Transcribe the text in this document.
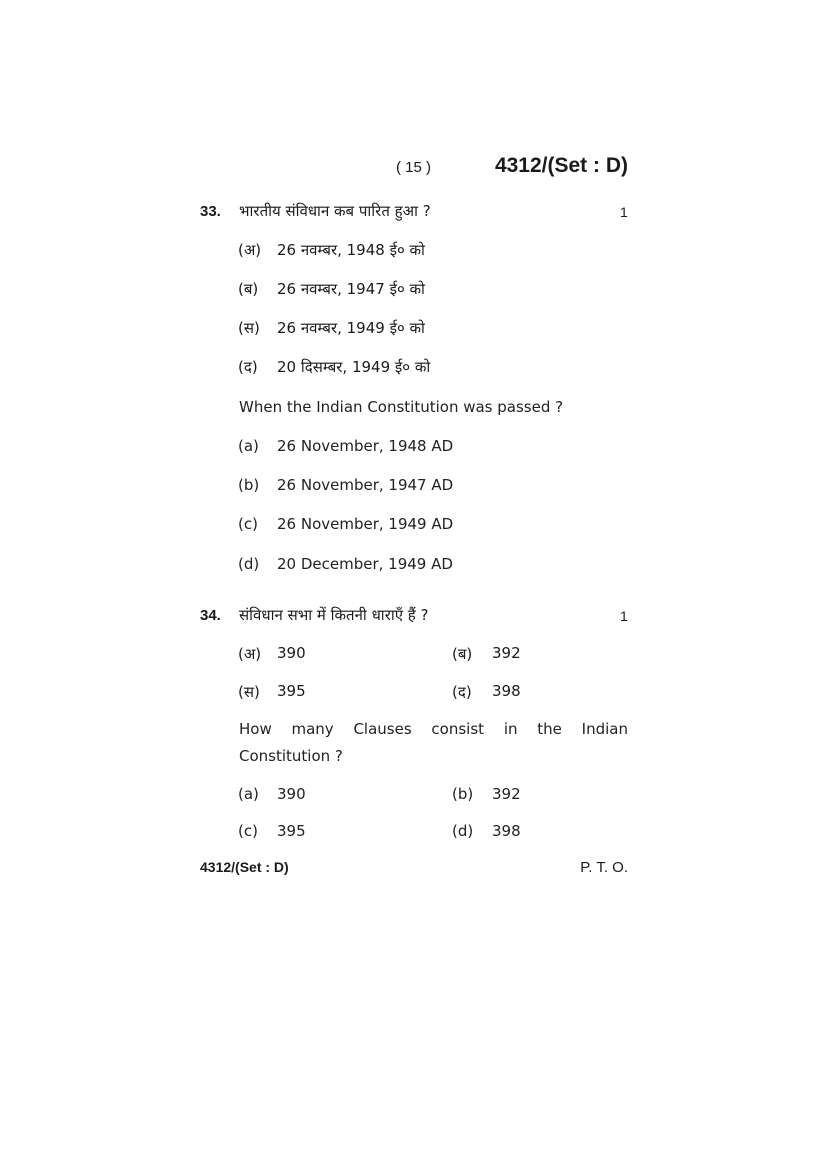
( 15 )	4312/(Set : D)
33. भारतीय संविधान कब पारित हुआ ?	1
(अ) 26 नवम्बर, 1948 ई० को
(ब) 26 नवम्बर, 1947 ई० को
(स) 26 नवम्बर, 1949 ई० को
(द) 20 दिसम्बर, 1949 ई० को
When the Indian Constitution was passed ?
(a) 26 November, 1948 AD
(b) 26 November, 1947 AD
(c) 26 November, 1949 AD
(d) 20 December, 1949 AD
34. संविधान सभा में कितनी धाराएँ हैं ?	1
(अ) 390	(ब) 392
(स) 395	(द) 398
How many Clauses consist in the Indian
Constitution ?
(a) 390	(b) 392
(c) 395	(d) 398
4312/(Set : D)	P. T. O.
